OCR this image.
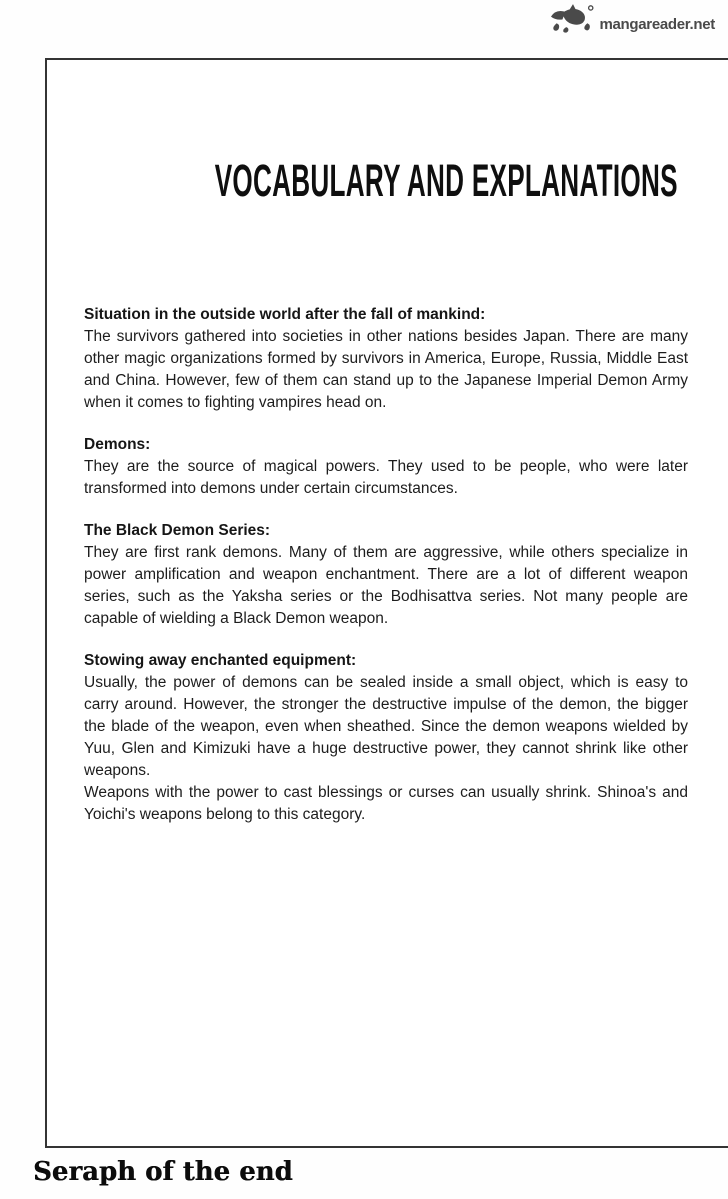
mangareader.net
VOCABULARY AND EXPLANATIONS
Situation in the outside world after the fall of mankind:

The survivors gathered into societies in other nations besides Japan. There are many other magic organizations formed by survivors in America, Europe, Russia, Middle East and China. However, few of them can stand up to the Japanese Imperial Demon Army when it comes to fighting vampires head on.

Demons:

They are the source of magical powers. They used to be people, who were later transformed into demons under certain circumstances.

The Black Demon Series:

They are first rank demons. Many of them are aggressive, while others specialize in power amplification and weapon enchantment. There are a lot of different weapon series, such as the Yaksha series or the Bodhisattva series. Not many people are capable of wielding a Black Demon weapon.

Stowing away enchanted equipment:

Usually, the power of demons can be sealed inside a small object, which is easy to carry around. However, the stronger the destructive impulse of the demon, the bigger the blade of the weapon, even when sheathed. Since the demon weapons wielded by Yuu, Glen and Kimizuki have a huge destructive power, they cannot shrink like other weapons.

Weapons with the power to cast blessings or curses can usually shrink. Shinoa's and Yoichi's weapons belong to this category.

Seraph of the end
